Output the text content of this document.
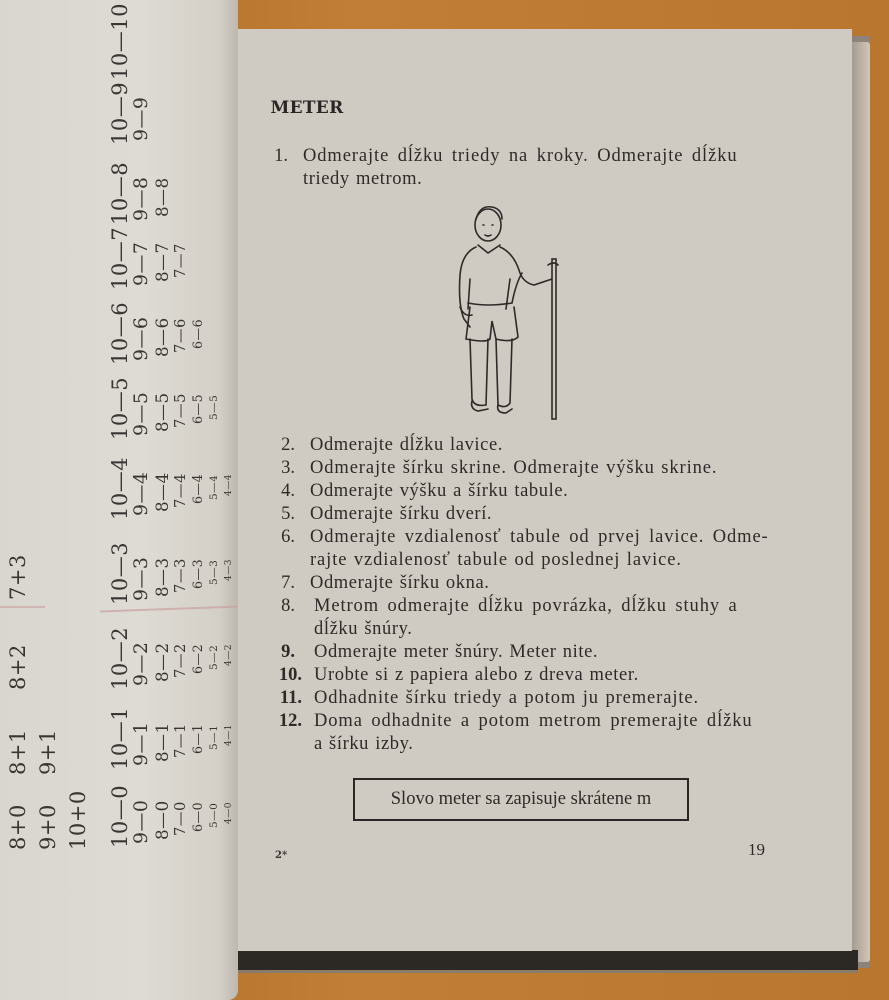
10—0
9—0 8—0 7—0 6—0 5—0 4—0
10—1
9—1 8—1 7—1 6—1 5—1 4—1
10—2
9—2 8—2 7—2 6—2 5—2 4—2
10—3
9—3 8—3 7—3 6—3 5—3 4—3
10—4
9—4 8—4 7—4 6—4 5—4 4—4
10—5
9—5 8—5 7—5 6—5 5—5
10—6
9—6 8—6 7—6 6—6
10—7
9—7 8—7 7—7
10—8
9—8 8—8
10—9
9—9
10—10
8+0 9+0 10+0
8+1 9+1
8+2
7+3
METER
1. Odmerajte dĺžku triedy na kroky. Odmerajte dĺžku
triedy metrom.
2. Odmerajte dĺžku lavice.
3. Odmerajte šírku skrine. Odmerajte výšku skrine.
4. Odmerajte výšku a šírku tabule.
5. Odmerajte šírku dverí.
6. Odmerajte vzdialenosť tabule od prvej lavice. Odme-
rajte vzdialenosť tabule od poslednej lavice.
7. Odmerajte šírku okna.
8. Metrom odmerajte dĺžku povrázka, dĺžku stuhy a
dĺžku šnúry.
9. Odmerajte meter šnúry. Meter nite.
10. Urobte si z papiera alebo z dreva meter.
11. Odhadnite šírku triedy a potom ju premerajte.
12. Doma odhadnite a potom metrom premerajte dĺžku
a šírku izby.
Slovo meter sa zapisuje skrátene m
2*	19
